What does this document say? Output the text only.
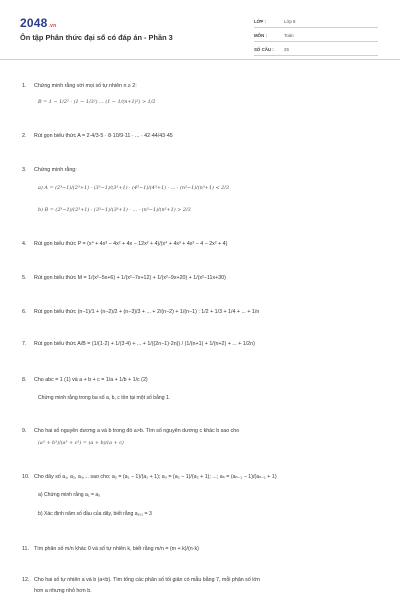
2048.vn
Ôn tập Phân thức đại số có đáp án - Phần 3
LỚP :	Lớp 8
MÔN :	Toán
SỐ CÂU : 25
1. Chứng minh rằng với mọi số tự nhiên n ≥ 2:
B = 1 − 1/2² · (1 − 1/3²) ... (1 − 1/(n+1)²) > 1/2
2. Rút gọn biểu thức A = 2·4/3·5 · 8·10/9·11 · ... · 42·44/43·45
3. Chứng minh rằng:
a) A = (2³−1)/(2³+1) · (3³−1)/(3³+1) · (4³−1)/(4³+1) · ... · (n³−1)/(n³+1) < 2/3
b) B = (2³−1)/(2³+1) · (3³−1)/(3³+1) · ... · (n³−1)/(n³+1) > 2/3
4. Rút gọn biểu thức P = (x⁴ + 4x³ − 4x² + 4x − 12x² + 4)/(x⁴ + 4x³ + 4x² − 4 − 2x² + 4)
5. Rút gọn biểu thức M = 1/(x²−5x+6) + 1/(x²−7x+12) + 1/(x²−9x+20) + 1/(x²−11x+30)
6. Rút gọn biểu thức (n−1)/1 + (n−2)/2 + (n−3)/3 + ... + 2/(n−2) + 1/(n−1) : 1/2 + 1/3 + 1/4 + ... + 1/n
7. Rút gọn biểu thức A/B = (1/(1·2) + 1/(3·4) + ... + 1/((2n−1)·2n)) / (1/(n+1) + 1/(n+2) + ... + 1/2n)
8. Cho abc = 1 (1) và a + b + c = 1/a + 1/b + 1/c (2)
Chứng minh rằng trong ba số a, b, c tồn tại một số bằng 1.
9. Cho hai số nguyên dương a và b trong đó a>b. Tìm số nguyên dương c khác b sao cho
(a³ + b³)/(a³ + c³) = (a + b)/(a + c)
10. Cho dãy số a₁, a₂, a₃,... sao cho: a₂ = (a₁ − 1)/(a₁ + 1); a₃ = (a₂ − 1)/(a₂ + 1); ...; aₙ = (aₙ₋₁ − 1)/(aₙ₋₁ + 1)
a) Chứng minh rằng a₁ = a₅
b) Xác định năm số đầu của dãy, biết rằng a₁₀₁ = 3
11. Tìm phân số m/n khác 0 và số tự nhiên k, biết rằng m/n = (m + k)/(n·k)
12. Cho hai số tự nhiên a và b (a<b). Tìm tổng các phân số tối giản có mẫu bằng 7, mỗi phân số lớn
hơn a nhưng nhỏ hơn b.
